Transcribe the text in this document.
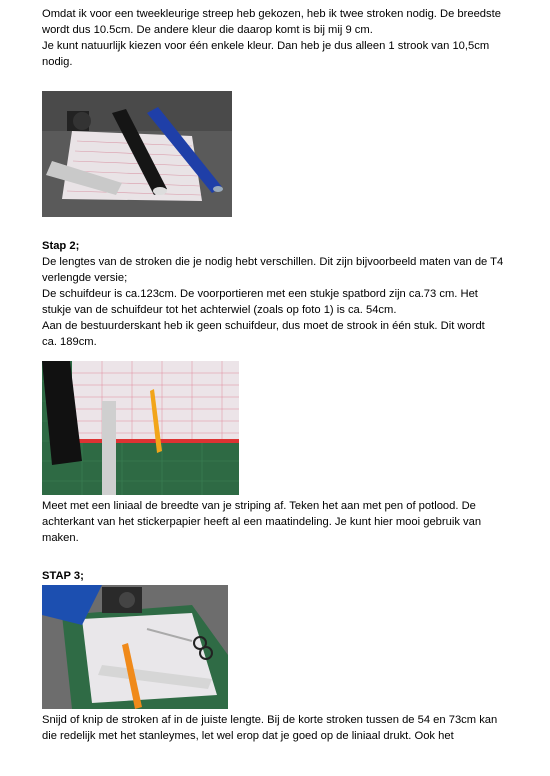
Omdat ik voor een tweekleurige streep heb gekozen, heb ik twee stroken nodig. De breedste
wordt dus 10.5cm. De andere kleur die daarop komt is bij mij 9 cm.
Je kunt natuurlijk kiezen voor één enkele kleur. Dan heb je dus alleen 1 strook van 10,5cm
nodig.

Stap 2;

De lengtes van de stroken die je nodig hebt verschillen. Dit zijn bijvoorbeeld maten van de T4
verlengde versie;
De schuifdeur is ca.123cm. De voorportieren met een stukje spatbord zijn ca.73 cm. Het
stukje van de schuifdeur tot het achterwiel (zoals op foto 1) is ca. 54cm.
Aan de bestuurderskant heb ik geen schuifdeur, dus moet de strook in één stuk. Dit wordt
ca. 189cm.

Meet met een liniaal de breedte van je striping af. Teken het aan met pen of potlood. De
achterkant van het stickerpapier heeft al een maatindeling. Je kunt hier mooi gebruik van
maken.

STAP 3;

Snijd of knip de stroken af in de juiste lengte. Bij de korte stroken tussen de 54 en 73cm kan
die redelijk met het stanleymes, let wel erop dat je goed op de liniaal drukt. Ook het
